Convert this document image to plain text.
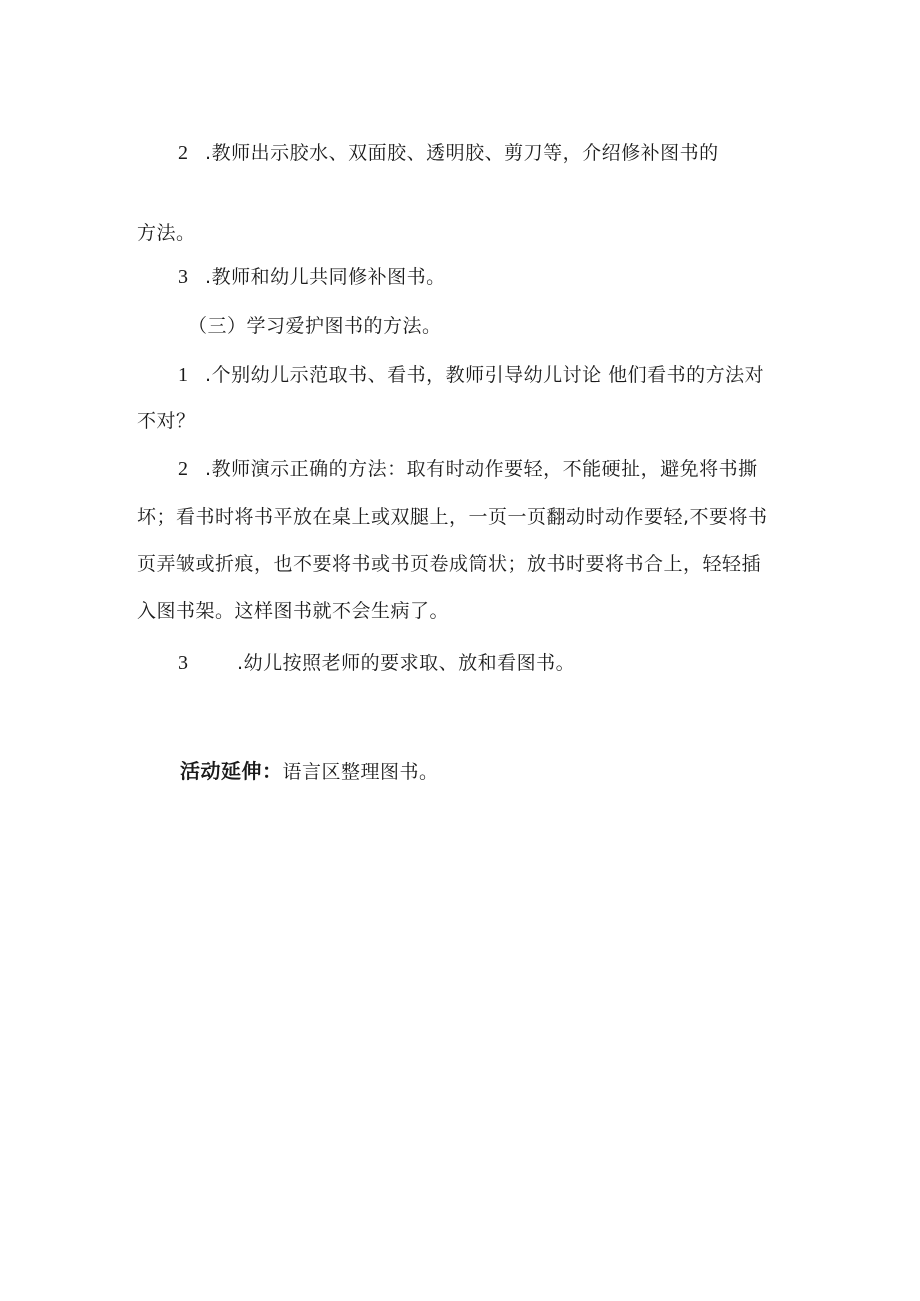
2 .教师出示胶水、双面胶、透明胶、剪刀等，介绍修补图书的
方法。
3 .教师和幼儿共同修补图书。
（三）学习爱护图书的方法。
1 .个别幼儿示范取书、看书，教师引导幼儿讨论 他们看书的方法对
不对？
2 .教师演示正确的方法：取有时动作要轻，不能硬扯，避免将书撕
坏；看书时将书平放在桌上或双腿上，一页一页翻动时动作要轻,不要将书
页弄皱或折痕，也不要将书或书页卷成筒状；放书时要将书合上，轻轻插
入图书架。这样图书就不会生病了。
3	.幼儿按照老师的要求取、放和看图书。
活动延伸：语言区整理图书。
